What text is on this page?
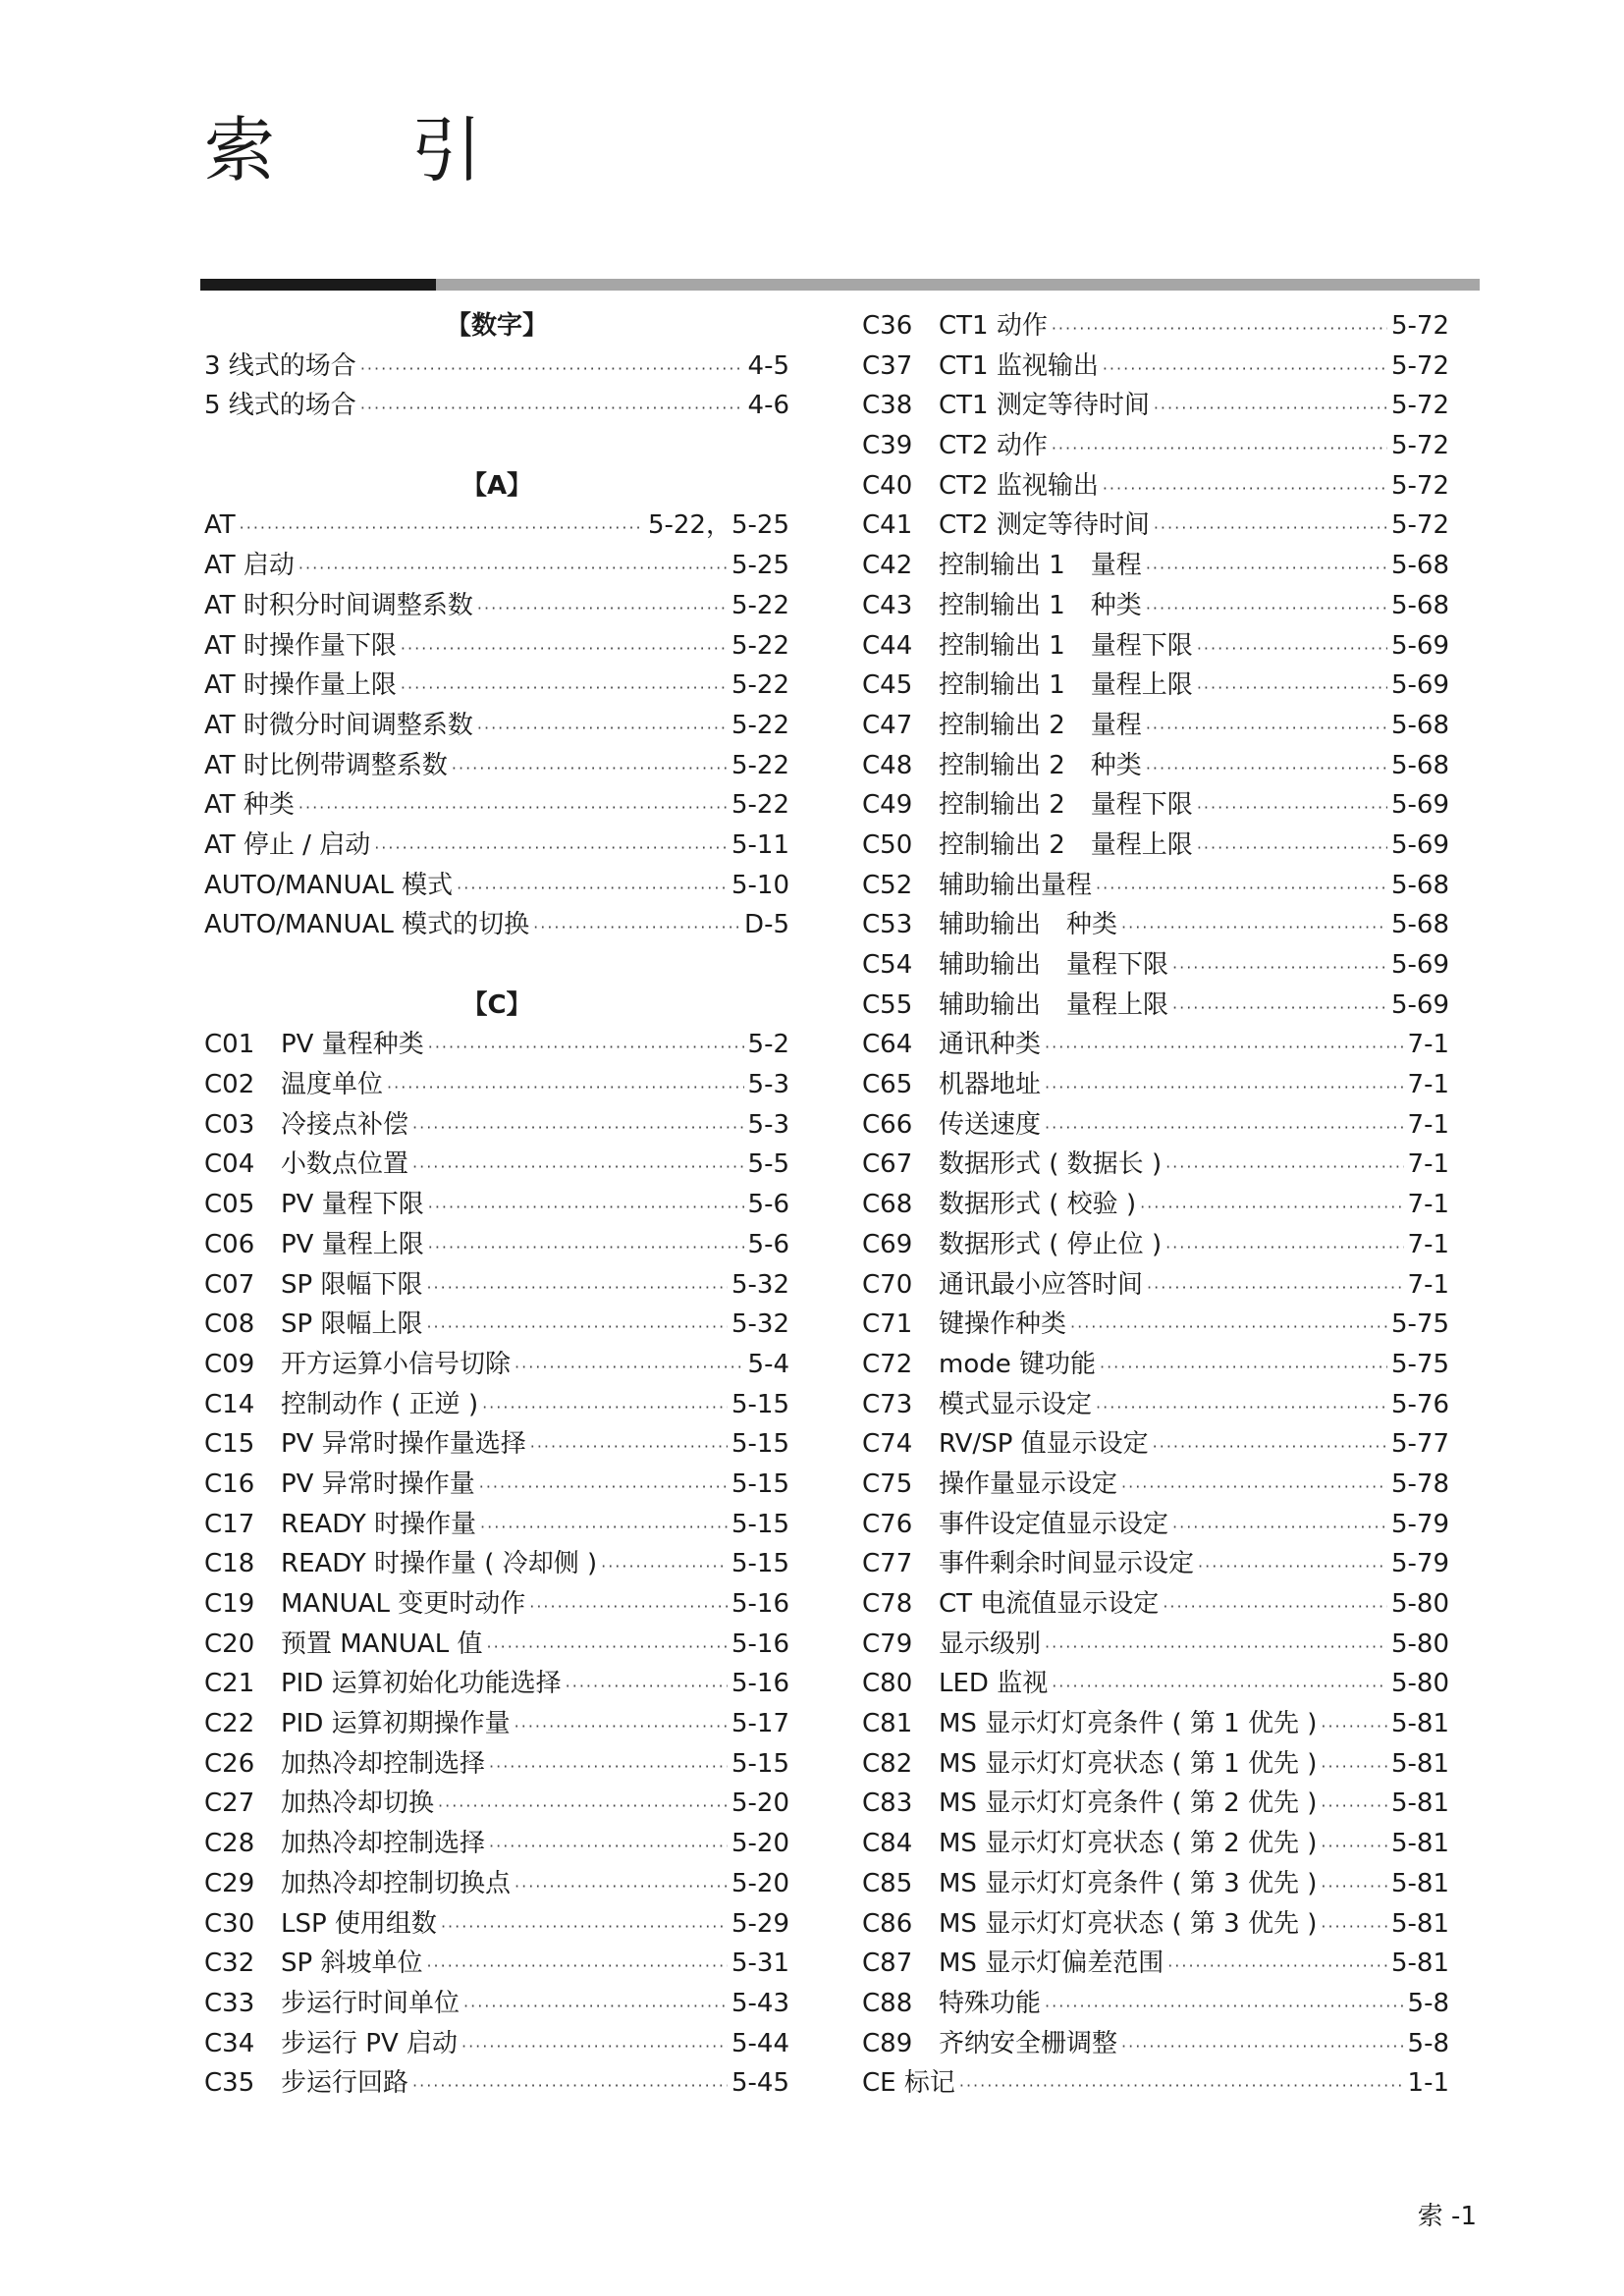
索 引
【数字】
3 线式的场合 ·····	4-5
5 线式的场合 ·····	4-6
【A】
AT ·····	5-22，5-25
AT 启动 ·····	5-25
AT 时积分时间调整系数 ·····	5-22
AT 时操作量下限 ·····	5-22
AT 时操作量上限 ·····	5-22
AT 时微分时间调整系数 ·····	5-22
AT 时比例带调整系数 ·····	5-22
AT 种类 ·····	5-22
AT 停止 / 启动 ·····	5-11
AUTO/MANUAL 模式 ·····	5-10
AUTO/MANUAL 模式的切换 ·····	D-5
【C】
C01	PV 量程种类 ·····	5-2
C02	温度单位 ·····	5-3
C03	冷接点补偿 ·····	5-3
C04	小数点位置 ·····	5-5
C05	PV 量程下限 ·····	5-6
C06	PV 量程上限 ·····	5-6
C07	SP 限幅下限 ·····	5-32
C08	SP 限幅上限 ·····	5-32
C09	开方运算小信号切除 ·····	5-4
C14	控制动作 ( 正逆 ) ·····	5-15
C15	PV 异常时操作量选择 ·····	5-15
C16	PV 异常时操作量 ·····	5-15
C17	READY 时操作量 ·····	5-15
C18	READY 时操作量 ( 冷却侧 ) ·····	5-15
C19	MANUAL 变更时动作 ·····	5-16
C20	预置 MANUAL 值 ·····	5-16
C21	PID 运算初始化功能选择 ·····	5-16
C22	PID 运算初期操作量 ·····	5-17
C26	加热冷却控制选择 ·····	5-15
C27	加热冷却切换 ·····	5-20
C28	加热冷却控制选择 ·····	5-20
C29	加热冷却控制切换点 ·····	5-20
C30	LSP 使用组数 ·····	5-29
C32	SP 斜坡单位 ·····	5-31
C33	步运行时间单位 ·····	5-43
C34	步运行 PV 启动 ·····	5-44
C35	步运行回路 ·····	5-45
C36	CT1 动作 ·····	5-72
C37	CT1 监视输出 ·····	5-72
C38	CT1 测定等待时间 ·····	5-72
C39	CT2 动作 ·····	5-72
C40	CT2 监视输出 ·····	5-72
C41	CT2 测定等待时间 ·····	5-72
C42	控制输出 1　量程 ·····	5-68
C43	控制输出 1　种类 ·····	5-68
C44	控制输出 1　量程下限 ·····	5-69
C45	控制输出 1　量程上限 ·····	5-69
C47	控制输出 2　量程 ·····	5-68
C48	控制输出 2　种类 ·····	5-68
C49	控制输出 2　量程下限 ·····	5-69
C50	控制输出 2　量程上限 ·····	5-69
C52	辅助输出量程 ·····	5-68
C53	辅助输出　种类 ·····	5-68
C54	辅助输出　量程下限 ·····	5-69
C55	辅助输出　量程上限 ·····	5-69
C64	通讯种类 ·····	7-1
C65	机器地址 ·····	7-1
C66	传送速度 ·····	7-1
C67	数据形式 ( 数据长 ) ·····	7-1
C68	数据形式 ( 校验 ) ·····	7-1
C69	数据形式 ( 停止位 ) ·····	7-1
C70	通讯最小应答时间 ·····	7-1
C71	键操作种类 ·····	5-75
C72	mode 键功能 ·····	5-75
C73	模式显示设定 ·····	5-76
C74	RV/SP 值显示设定 ·····	5-77
C75	操作量显示设定 ·····	5-78
C76	事件设定值显示设定 ·····	5-79
C77	事件剩余时间显示设定 ·····	5-79
C78	CT 电流值显示设定 ·····	5-80
C79	显示级别 ·····	5-80
C80	LED 监视 ·····	5-80
C81	MS 显示灯灯亮条件 ( 第 1 优先 ) ·····	5-81
C82	MS 显示灯灯亮状态 ( 第 1 优先 ) ·····	5-81
C83	MS 显示灯灯亮条件 ( 第 2 优先 ) ·····	5-81
C84	MS 显示灯灯亮状态 ( 第 2 优先 ) ·····	5-81
C85	MS 显示灯灯亮条件 ( 第 3 优先 ) ·····	5-81
C86	MS 显示灯灯亮状态 ( 第 3 优先 ) ·····	5-81
C87	MS 显示灯偏差范围 ·····	5-81
C88	特殊功能 ·····	5-8
C89	齐纳安全栅调整 ·····	5-8
CE 标记 ·····	1-1
索 -1
